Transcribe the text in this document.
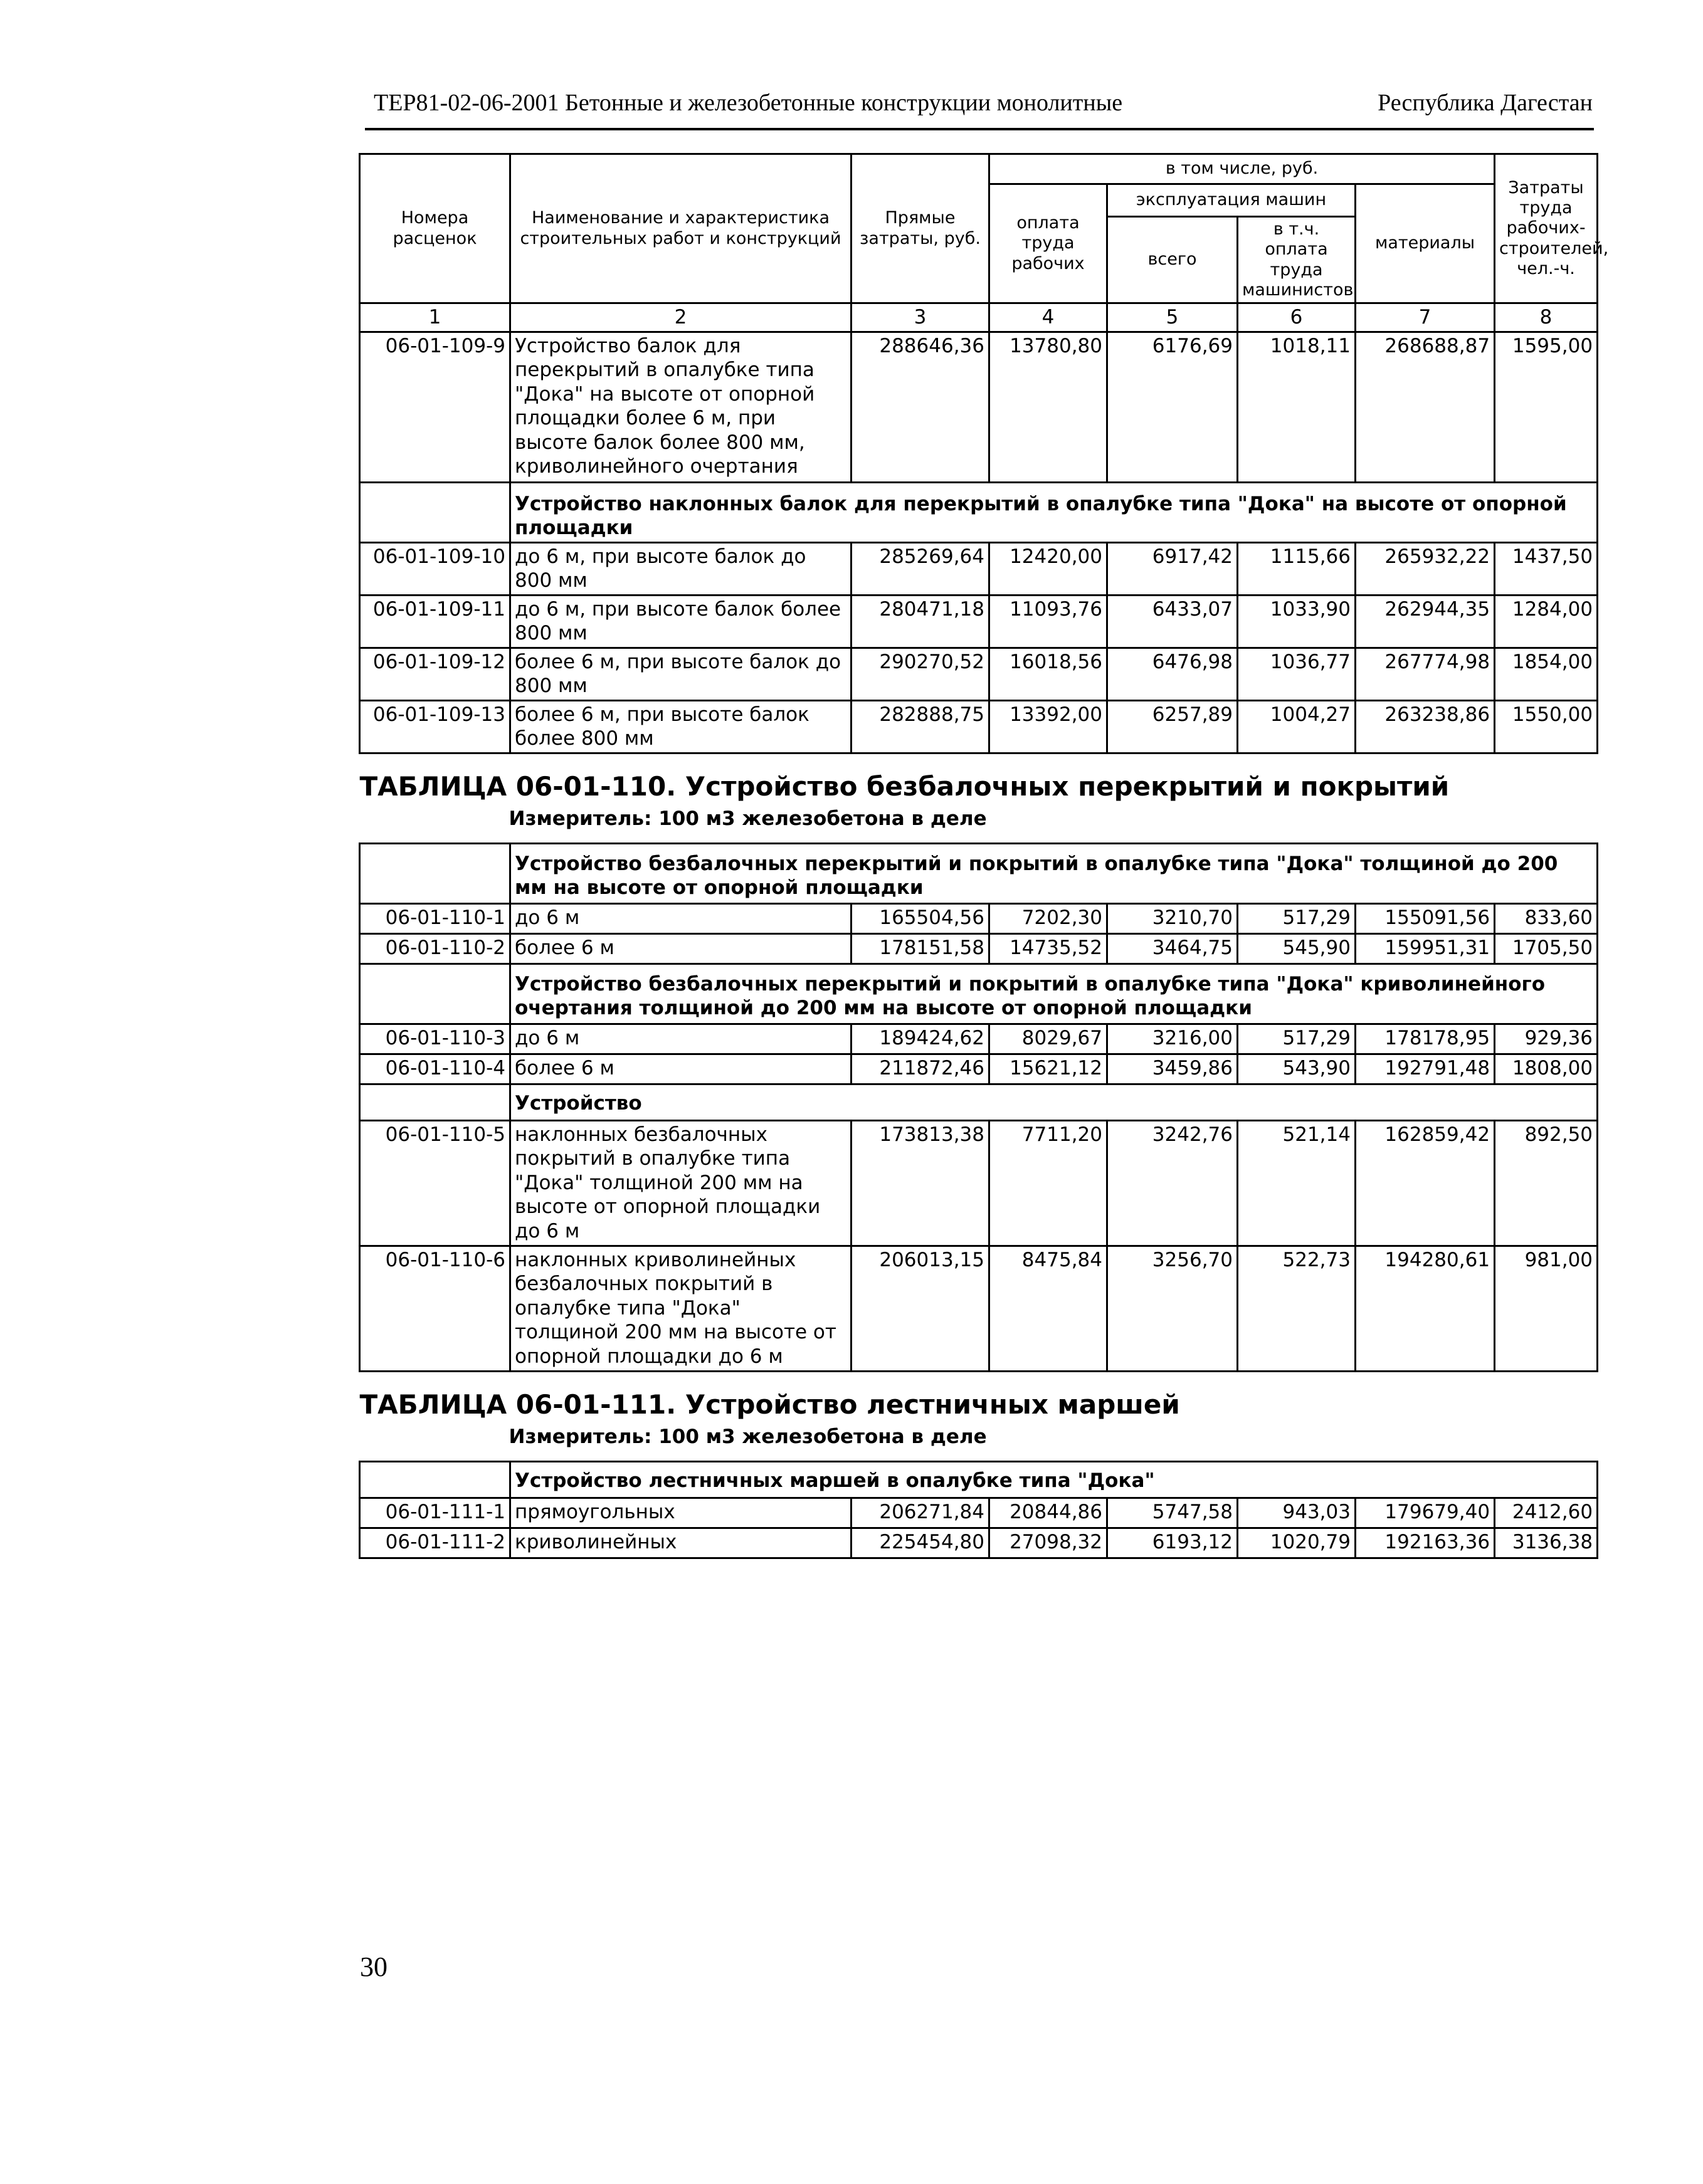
ТЕР81-02-06-2001 Бетонные и железобетонные конструкции монолитные	Республика Дагестан
Номера расценок	Наименование и характеристика строительных работ и конструкций	Прямые затраты, руб.	в том числе, руб.				Затраты труда рабочих-строителей, чел.-ч.
			оплата труда рабочих	эксплуатация машин		материалы	
				всего	в т.ч. оплата труда машинистов		
1	2	3	4	5	6	7	8
06-01-109-9	Устройство балок для перекрытий в опалубке типа "Дока" на высоте от опорной площадки более 6 м, при высоте балок более 800 мм, криволинейного очертания	288646,36	13780,80	6176,69	1018,11	268688,87	1595,00
	Устройство наклонных балок для перекрытий в опалубке типа "Дока" на высоте от опорной площадки						
06-01-109-10	до 6 м, при высоте балок до 800 мм	285269,64	12420,00	6917,42	1115,66	265932,22	1437,50
06-01-109-11	до 6 м, при высоте балок более 800 мм	280471,18	11093,76	6433,07	1033,90	262944,35	1284,00
06-01-109-12	более 6 м, при высоте балок до 800 мм	290270,52	16018,56	6476,98	1036,77	267774,98	1854,00
06-01-109-13	более 6 м, при высоте балок более 800 мм	282888,75	13392,00	6257,89	1004,27	263238,86	1550,00

ТАБЛИЦА 06-01-110. Устройство безбалочных перекрытий и покрытий
Измеритель: 100 м3 железобетона в деле							

	Устройство безбалочных перекрытий и покрытий в опалубке типа "Дока" толщиной до 200 мм на высоте от опорной площадки						
06-01-110-1	до 6 м	165504,56	7202,30	3210,70	517,29	155091,56	833,60
06-01-110-2	более 6 м	178151,58	14735,52	3464,75	545,90	159951,31	1705,50
	Устройство безбалочных перекрытий и покрытий в опалубке типа "Дока" криволинейного очертания толщиной до 200 мм на высоте от опорной площадки						
06-01-110-3	до 6 м	189424,62	8029,67	3216,00	517,29	178178,95	929,36
06-01-110-4	более 6 м	211872,46	15621,12	3459,86	543,90	192791,48	1808,00
	Устройство						
06-01-110-5	наклонных безбалочных покрытий в опалубке типа "Дока" толщиной 200 мм на высоте от опорной площадки до 6 м	173813,38	7711,20	3242,76	521,14	162859,42	892,50
06-01-110-6	наклонных криволинейных безбалочных покрытий в опалубке типа "Дока" толщиной 200 мм на высоте от опорной площадки до 6 м	206013,15	8475,84	3256,70	522,73	194280,61	981,00

ТАБЛИЦА 06-01-111. Устройство лестничных маршей
Измеритель: 100 м3 железобетона в деле							

	Устройство лестничных маршей в опалубке типа "Дока"						
06-01-111-1	прямоугольных	206271,84	20844,86	5747,58	943,03	179679,40	2412,60
06-01-111-2	криволинейных	225454,80	27098,32	6193,12	1020,79	192163,36	3136,38
30
